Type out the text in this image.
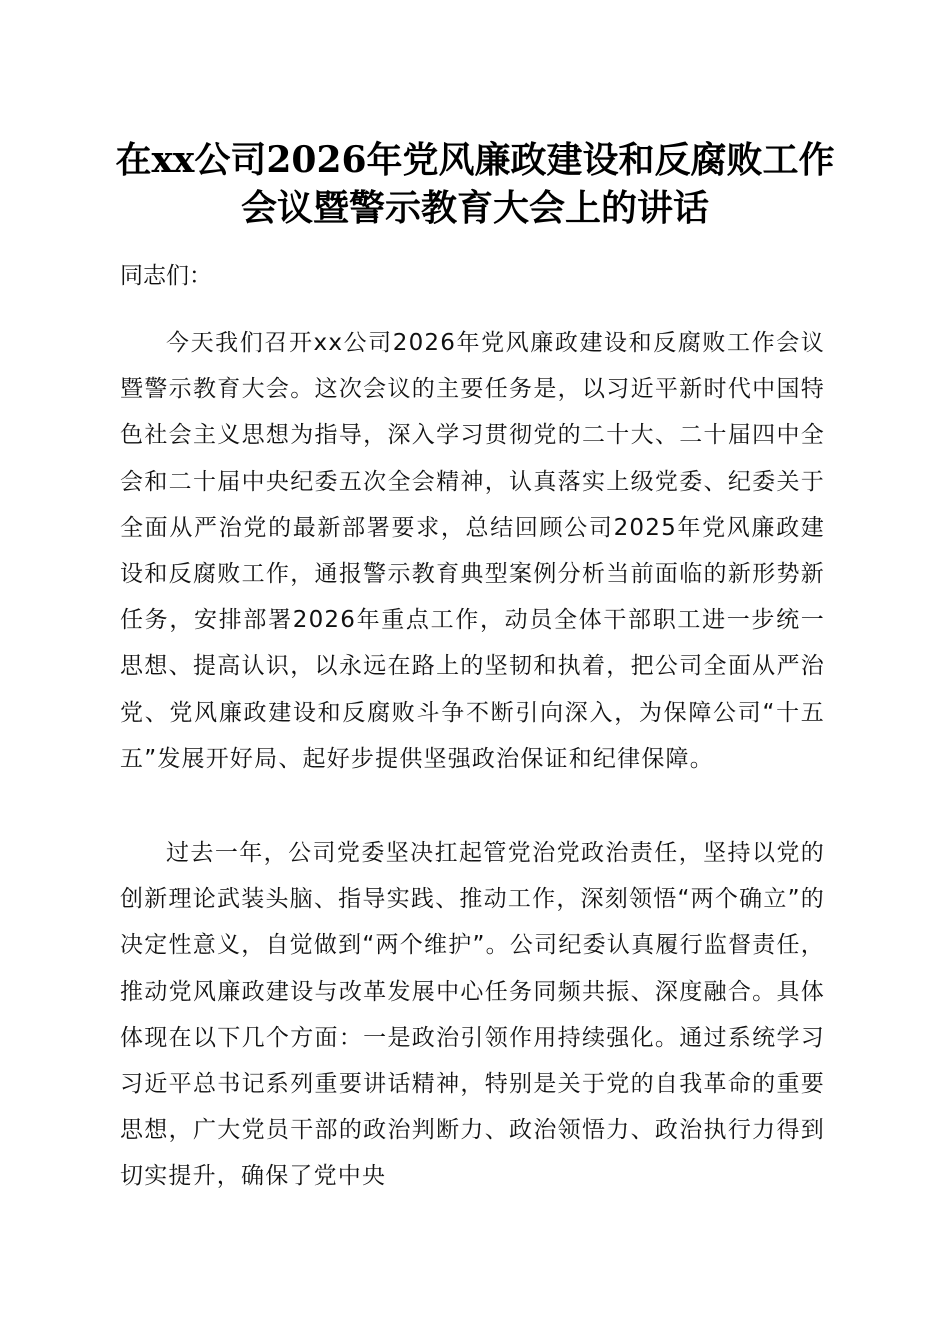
在xx公司2026年党风廉政建设和反腐败工作
会议暨警示教育大会上的讲话

同志们：

今天我们召开xx公司2026年党风廉政建设和反腐败工作会议暨警示教育大会。这次会议的主要任务是，以习近平新时代中国特色社会主义思想为指导，深入学习贯彻党的二十大、二十届四中全会和二十届中央纪委五次全会精神，认真落实上级党委、纪委关于全面从严治党的最新部署要求，总结回顾公司2025年党风廉政建设和反腐败工作，通报警示教育典型案例分析当前面临的新形势新任务，安排部署2026年重点工作，动员全体干部职工进一步统一思想、提高认识，以永远在路上的坚韧和执着，把公司全面从严治党、党风廉政建设和反腐败斗争不断引向深入，为保障公司“十五五”发展开好局、起好步提供坚强政治保证和纪律保障。

过去一年，公司党委坚决扛起管党治党政治责任，坚持以党的创新理论武装头脑、指导实践、推动工作，深刻领悟“两个确立”的决定性意义，自觉做到“两个维护”。公司纪委认真履行监督责任，推动党风廉政建设与改革发展中心任务同频共振、深度融合。具体体现在以下几个方面：一是政治引领作用持续强化。通过系统学习习近平总书记系列重要讲话精神，特别是关于党的自我革命的重要思想，广大党员干部的政治判断力、政治领悟力、政治执行力得到切实提升，确保了党中央
